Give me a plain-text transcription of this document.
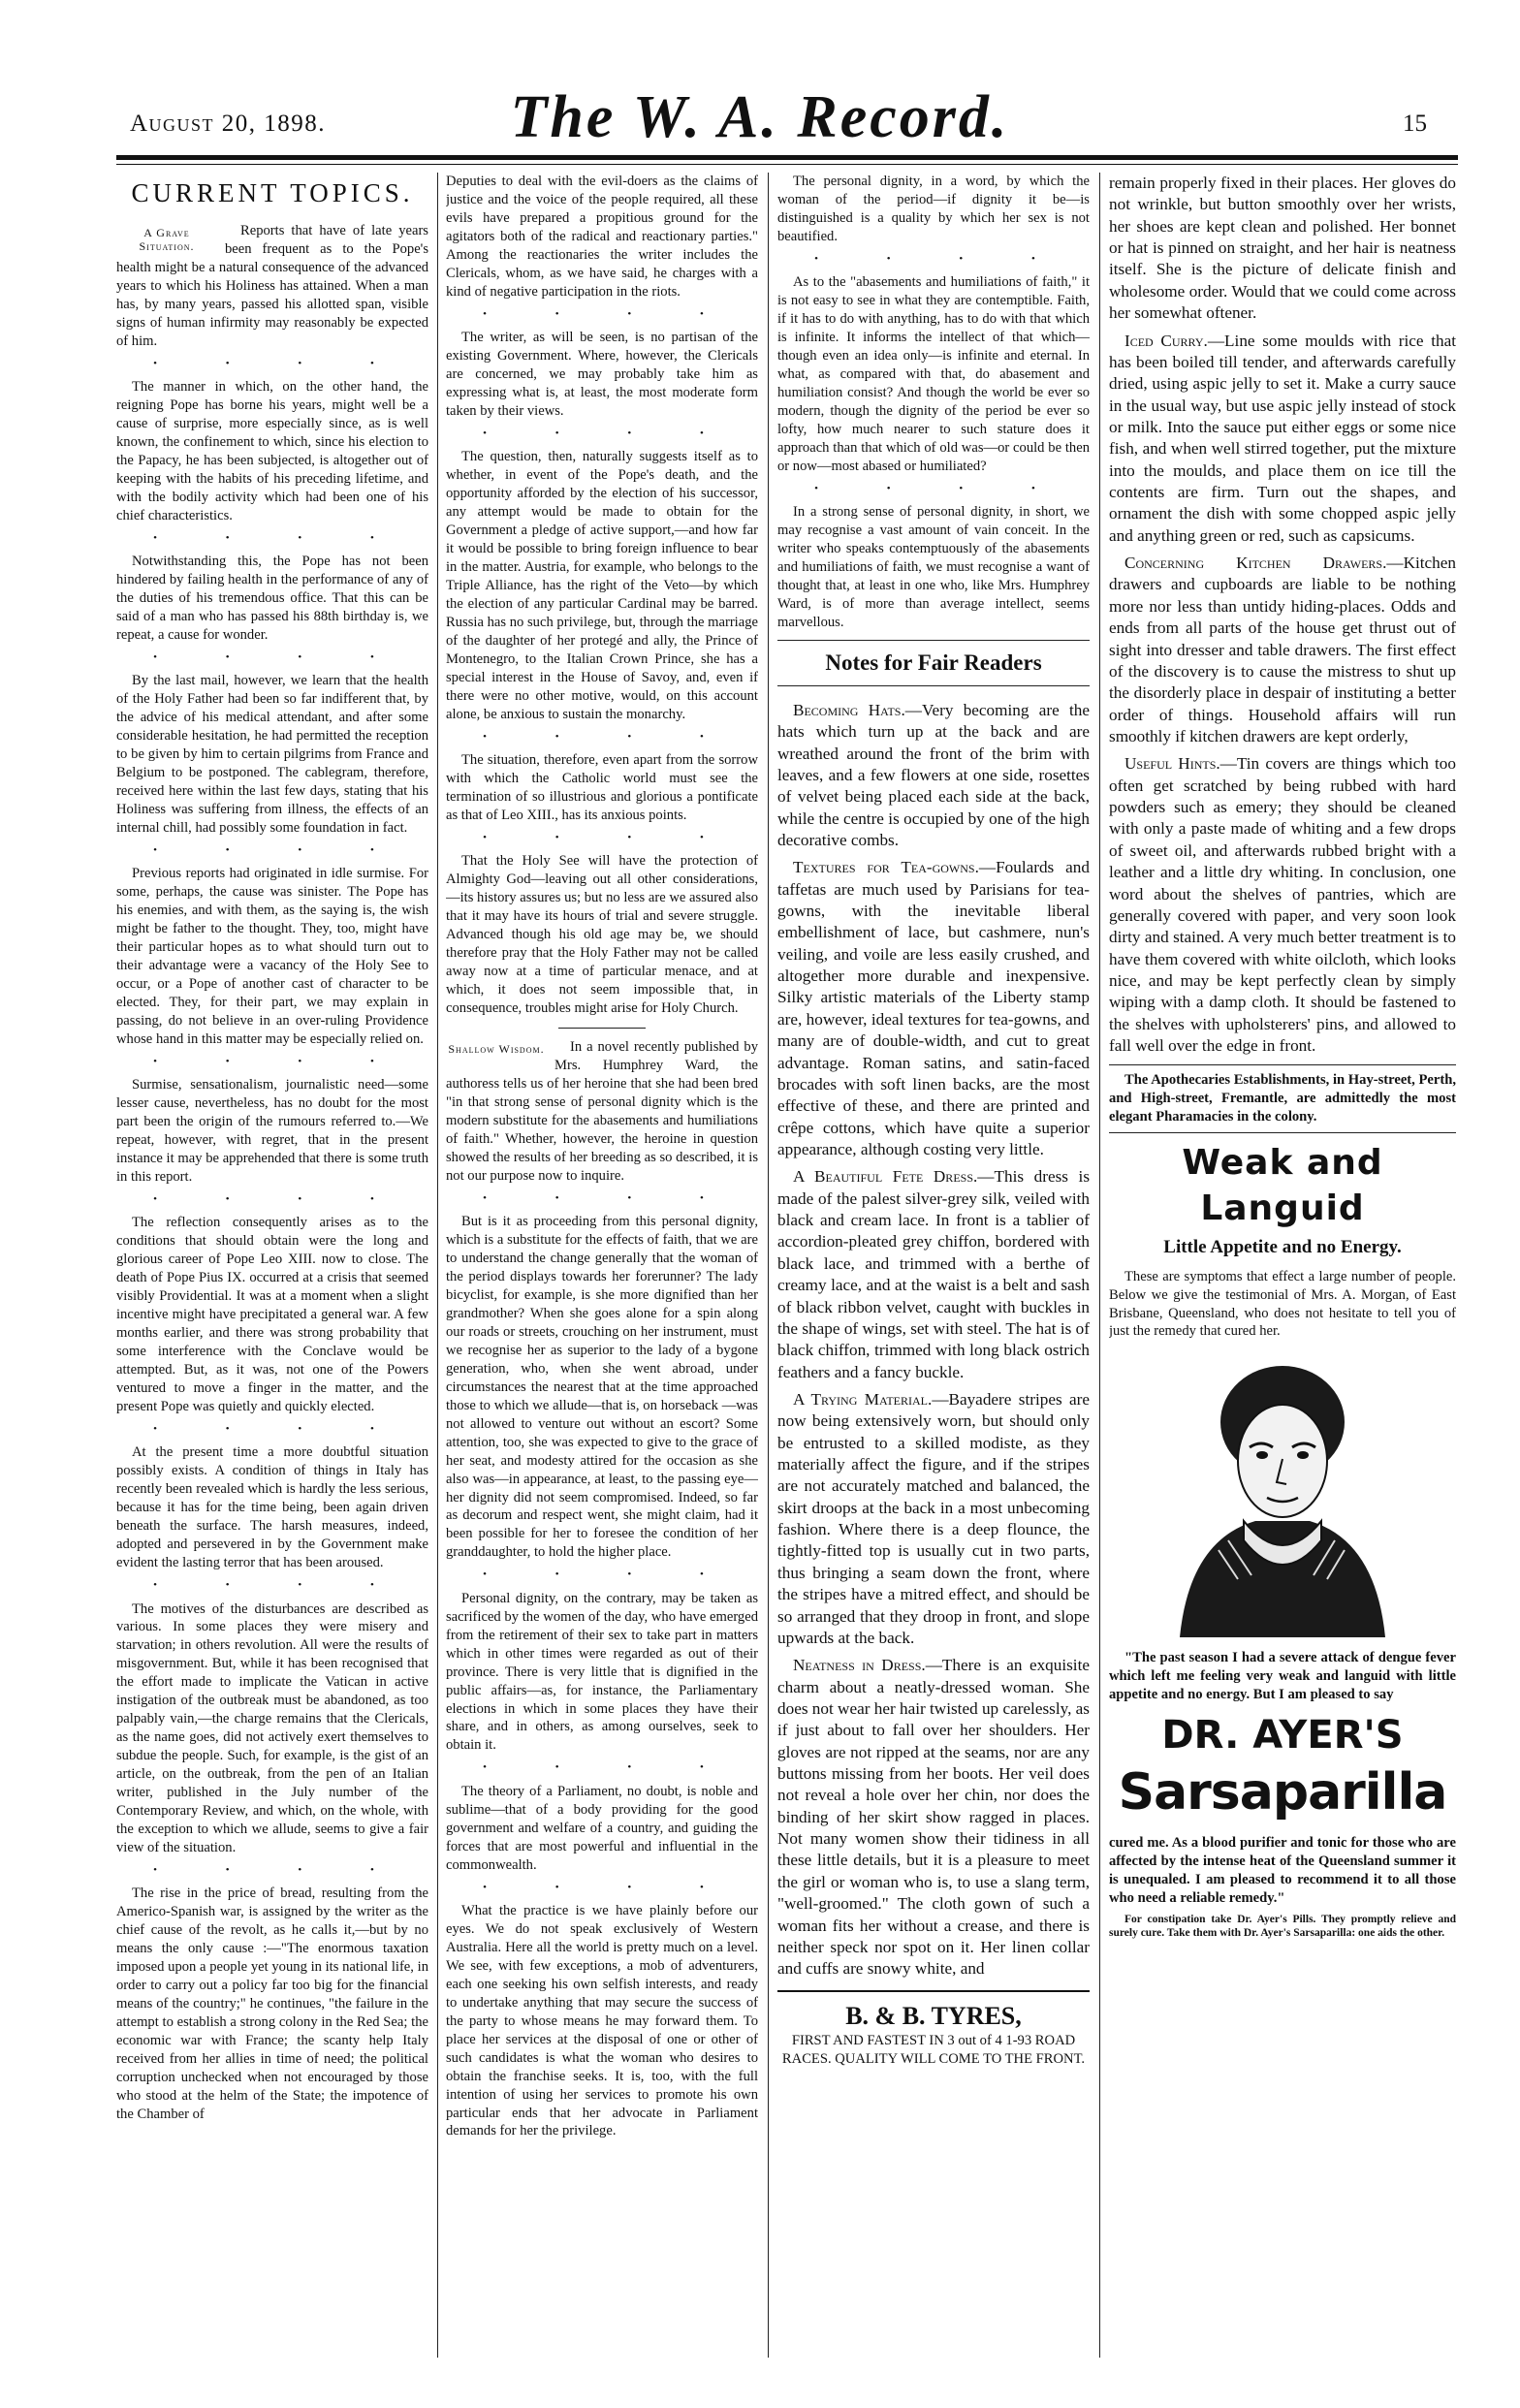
August 20, 1898.	The W. A. Record.	15
CURRENT TOPICS.
A Grave Situation.

Reports that have of late years been frequent as to the Pope's health might be a natural consequence of the advanced years to which his Holiness has attained. When a man has, by many years, passed his allotted span, visible signs of human infirmity may reasonably be expected of him.

• • • •

The manner in which, on the other hand, the reigning Pope has borne his years, might well be a cause of surprise, more especially since, as is well known, the confinement to which, since his election to the Papacy, he has been subjected, is altogether out of keeping with the habits of his preceding lifetime, and with the bodily activity which had been one of his chief characteristics.

• • • •

Notwithstanding this, the Pope has not been hindered by failing health in the performance of any of the duties of his tremendous office. That this can be said of a man who has passed his 88th birthday is, we repeat, a cause for wonder.

• • • •

By the last mail, however, we learn that the health of the Holy Father had been so far indifferent that, by the advice of his medical attendant, and after some considerable hesitation, he had permitted the reception to be given by him to certain pilgrims from France and Belgium to be postponed. The cablegram, therefore, received here within the last few days, stating that his Holiness was suffering from illness, the effects of an internal chill, had possibly some foundation in fact.

• • • •

Previous reports had originated in idle surmise. For some, perhaps, the cause was sinister. The Pope has his enemies, and with them, as the saying is, the wish might be father to the thought. They, too, might have their particular hopes as to what should turn out to their advantage were a vacancy of the Holy See to occur, or a Pope of another cast of character to be elected. They, for their part, we may explain in passing, do not believe in an over-ruling Providence whose hand in this matter may be especially relied on.

• • • •

Surmise, sensationalism, journalistic need—some lesser cause, nevertheless, has no doubt for the most part been the origin of the rumours referred to.—We repeat, however, with regret, that in the present instance it may be apprehended that there is some truth in this report.

• • • •

The reflection consequently arises as to the conditions that should obtain were the long and glorious career of Pope Leo XIII. now to close. The death of Pope Pius IX. occurred at a crisis that seemed visibly Providential. It was at a moment when a slight incentive might have precipitated a general war. A few months earlier, and there was strong probability that some interference with the Conclave would be attempted. But, as it was, not one of the Powers ventured to move a finger in the matter, and the present Pope was quietly and quickly elected.

• • • •

At the present time a more doubtful situation possibly exists. A condition of things in Italy has recently been revealed which is hardly the less serious, because it has for the time being, been again driven beneath the surface. The harsh measures, indeed, adopted and persevered in by the Government make evident the lasting terror that has been aroused.

• • • •

The motives of the disturbances are described as various. In some places they were misery and starvation; in others revolution. All were the results of misgovernment. But, while it has been recognised that the effort made to implicate the Vatican in active instigation of the outbreak must be abandoned, as too palpably vain,—the charge remains that the Clericals, as the name goes, did not actively exert themselves to subdue the people. Such, for example, is the gist of an article, on the outbreak, from the pen of an Italian writer, published in the July number of the Contemporary Review, and which, on the whole, with the exception to which we allude, seems to give a fair view of the situation.

• • • •

The rise in the price of bread, resulting from the Americo-Spanish war, is assigned by the writer as the chief cause of the revolt, as he calls it,—but by no means the only cause :—"The enormous taxation imposed upon a people yet young in its national life, in order to carry out a policy far too big for the financial means of the country;" he continues, "the failure in the attempt to establish a strong colony in the Red Sea; the economic war with France; the scanty help Italy received from her allies in time of need; the political corruption unchecked when not encouraged by those who stood at the helm of the State; the impotence of the Chamber of

Deputies to deal with the evil-doers as the claims of justice and the voice of the people required, all these evils have prepared a propitious ground for the agitators both of the radical and reactionary parties." Among the reactionaries the writer includes the Clericals, whom, as we have said, he charges with a kind of negative participation in the riots.

• • • •

The writer, as will be seen, is no partisan of the existing Government. Where, however, the Clericals are concerned, we may probably take him as expressing what is, at least, the most moderate form taken by their views.

• • • •

The question, then, naturally suggests itself as to whether, in event of the Pope's death, and the opportunity afforded by the election of his successor, any attempt would be made to obtain for the Government a pledge of active support,—and how far it would be possible to bring foreign influence to bear in the matter. Austria, for example, who belongs to the Triple Alliance, has the right of the Veto—by which the election of any particular Cardinal may be barred. Russia has no such privilege, but, through the marriage of the daughter of her protegé and ally, the Prince of Montenegro, to the Italian Crown Prince, she has a special interest in the House of Savoy, and, even if there were no other motive, would, on this account alone, be anxious to sustain the monarchy.

• • • •

The situation, therefore, even apart from the sorrow with which the Catholic world must see the termination of so illustrious and glorious a pontificate as that of Leo XIII., has its anxious points.

• • • •

That the Holy See will have the protection of Almighty God—leaving out all other considerations,—its history assures us; but no less are we assured also that it may have its hours of trial and severe struggle. Advanced though his old age may be, we should therefore pray that the Holy Father may not be called away now at a time of particular menace, and at which, it does not seem impossible that, in consequence, troubles might arise for Holy Church.

Shallow Wisdom.	In a novel recently published by Mrs. Humphrey Ward, the authoress tells us of her heroine that she had been bred "in that strong sense of personal dignity which is the modern substitute for the abasements and humiliations of faith." Whether, however, the heroine in question showed the results of her breeding as so described, it is not our purpose now to inquire.

• • • •

But is it as proceeding from this personal dignity, which is a substitute for the effects of faith, that we are to understand the change generally that the woman of the period displays towards her forerunner? The lady bicyclist, for example, is she more dignified than her grandmother? When she goes alone for a spin along our roads or streets, crouching on her instrument, must we recognise her as superior to the lady of a bygone generation, who, when she went abroad, under circumstances the nearest that at the time approached those to which we allude—that is, on horseback —was not allowed to venture out without an escort? Some attention, too, she was expected to give to the grace of her seat, and modesty attired for the occasion as she also was—in appearance, at least, to the passing eye—her dignity did not seem compromised. Indeed, so far as decorum and respect went, she might claim, had it been possible for her to foresee the condition of her granddaughter, to hold the higher place.

• • • •

Personal dignity, on the contrary, may be taken as sacrificed by the women of the day, who have emerged from the retirement of their sex to take part in matters which in other times were regarded as out of their province. There is very little that is dignified in the public affairs—as, for instance, the Parliamentary elections in which in some places they have their share, and in others, as among ourselves, seek to obtain it.

• • • •

The theory of a Parliament, no doubt, is noble and sublime—that of a body providing for the good government and welfare of a country, and guiding the forces that are most powerful and influential in the commonwealth.

• • • •

What the practice is we have plainly before our eyes. We do not speak exclusively of Western Australia. Here all the world is pretty much on a level. We see, with few exceptions, a mob of adventurers, each one seeking his own selfish interests, and ready to undertake anything that may secure the success of the party to whose means he may forward them. To place her services at the disposal of one or other of such candidates is what the woman who desires to obtain the franchise seeks. It is, too, with the full intention of using her services to promote his own particular ends that her advocate in Parliament demands for her the privilege.

The personal dignity, in a word, by which the woman of the period—if dignity it be—is distinguished is a quality by which her sex is not beautified.

• • • •

As to the "abasements and humiliations of faith," it is not easy to see in what they are contemptible. Faith, if it has to do with anything, has to do with that which is infinite. It informs the intellect of that which—though even an idea only—is infinite and eternal. In what, as compared with that, do abasement and humiliation consist? And though the world be ever so modern, though the dignity of the period be ever so lofty, how much nearer to such stature does it approach than that which of old was—or could be then or now—most abased or humiliated?

• • • •

In a strong sense of personal dignity, in short, we may recognise a vast amount of vain conceit. In the writer who speaks contemptuously of the abasements and humiliations of faith, we must recognise a want of thought that, at least in one who, like Mrs. Humphrey Ward, is of more than average intellect, seems marvellous.

Notes for Fair Readers

Becoming Hats.—Very becoming are the hats which turn up at the back and are wreathed around the front of the brim with leaves, and a few flowers at one side, rosettes of velvet being placed each side at the back, while the centre is occupied by one of the high decorative combs.

Textures for Tea-gowns.—Foulards and taffetas are much used by Parisians for tea-gowns, with the inevitable liberal embellishment of lace, but cashmere, nun's veiling, and voile are less easily crushed, and altogether more durable and inexpensive. Silky artistic materials of the Liberty stamp are, however, ideal textures for tea-gowns, and many are of double-width, and cut to great advantage. Roman satins, and satin-faced brocades with soft linen backs, are the most effective of these, and there are printed and crêpe cottons, which have quite a superior appearance, although costing very little.

A Beautiful Fete Dress.—This dress is made of the palest silver-grey silk, veiled with black and cream lace. In front is a tablier of accordion-pleated grey chiffon, bordered with black lace, and trimmed with a berthe of creamy lace, and at the waist is a belt and sash of black ribbon velvet, caught with buckles in the shape of wings, set with steel. The hat is of black chiffon, trimmed with long black ostrich feathers and a fancy buckle.

A Trying Material.—Bayadere stripes are now being extensively worn, but should only be entrusted to a skilled modiste, as they materially affect the figure, and if the stripes are not accurately matched and balanced, the skirt droops at the back in a most unbecoming fashion. Where there is a deep flounce, the tightly-fitted top is usually cut in two parts, thus bringing a seam down the front, where the stripes have a mitred effect, and should be so arranged that they droop in front, and slope upwards at the back.

Neatness in Dress.—There is an exquisite charm about a neatly-dressed woman. She does not wear her hair twisted up carelessly, as if just about to fall over her shoulders. Her gloves are not ripped at the seams, nor are any buttons missing from her boots. Her veil does not reveal a hole over her chin, nor does the binding of her skirt show ragged in places. Not many women show their tidiness in all these little details, but it is a pleasure to meet the girl or woman who is, to use a slang term, "well-groomed." The cloth gown of such a woman fits her without a crease, and there is neither speck nor spot on it. Her linen collar and cuffs are snowy white, and

B. & B. TYRES,
FIRST AND FASTEST IN 3 out of 4 1-93 ROAD RACES. QUALITY WILL COME TO THE FRONT.

remain properly fixed in their places. Her gloves do not wrinkle, but button smoothly over her wrists, her shoes are kept clean and polished. Her bonnet or hat is pinned on straight, and her hair is neatness itself. She is the picture of delicate finish and wholesome order. Would that we could come across her somewhat oftener.

Iced Curry.—Line some moulds with rice that has been boiled till tender, and afterwards carefully dried, using aspic jelly to set it. Make a curry sauce in the usual way, but use aspic jelly instead of stock or milk. Into the sauce put either eggs or some nice fish, and when well stirred together, put the mixture into the moulds, and place them on ice till the contents are firm. Turn out the shapes, and ornament the dish with some chopped aspic jelly and anything green or red, such as capsicums.

Concerning Kitchen Drawers.—Kitchen drawers and cupboards are liable to be nothing more nor less than untidy hiding-places. Odds and ends from all parts of the house get thrust out of sight into dresser and table drawers. The first effect of the discovery is to cause the mistress to shut up the disorderly place in despair of instituting a better order of things. Household affairs will run smoothly if kitchen drawers are kept orderly,

Useful Hints.—Tin covers are things which too often get scratched by being rubbed with hard powders such as emery; they should be cleaned with only a paste made of whiting and a few drops of sweet oil, and afterwards rubbed bright with a leather and a little dry whiting. In conclusion, one word about the shelves of pantries, which are generally covered with paper, and very soon look dirty and stained. A very much better treatment is to have them covered with white oilcloth, which looks nice, and may be kept perfectly clean by simply wiping with a damp cloth. It should be fastened to the shelves with upholsterers' pins, and allowed to fall well over the edge in front.

The Apothecaries Establishments, in Hay-street, Perth, and High-street, Fremantle, are admittedly the most elegant Pharamacies in the colony.

Weak and Languid
Little Appetite and no Energy.

These are symptoms that effect a large number of people. Below we give the testimonial of Mrs. A. Morgan, of East Brisbane, Queensland, who does not hesitate to tell you of just the remedy that cured her.

"The past season I had a severe attack of dengue fever which left me feeling very weak and languid with little appetite and no energy. But I am pleased to say

DR. AYER'S
Sarsaparilla

cured me. As a blood purifier and tonic for those who are affected by the intense heat of the Queensland summer it is unequaled. I am pleased to recommend it to all those who need a reliable remedy."

For constipation take Dr. Ayer's Pills. They promptly relieve and surely cure. Take them with Dr. Ayer's Sarsaparilla: one aids the other.
